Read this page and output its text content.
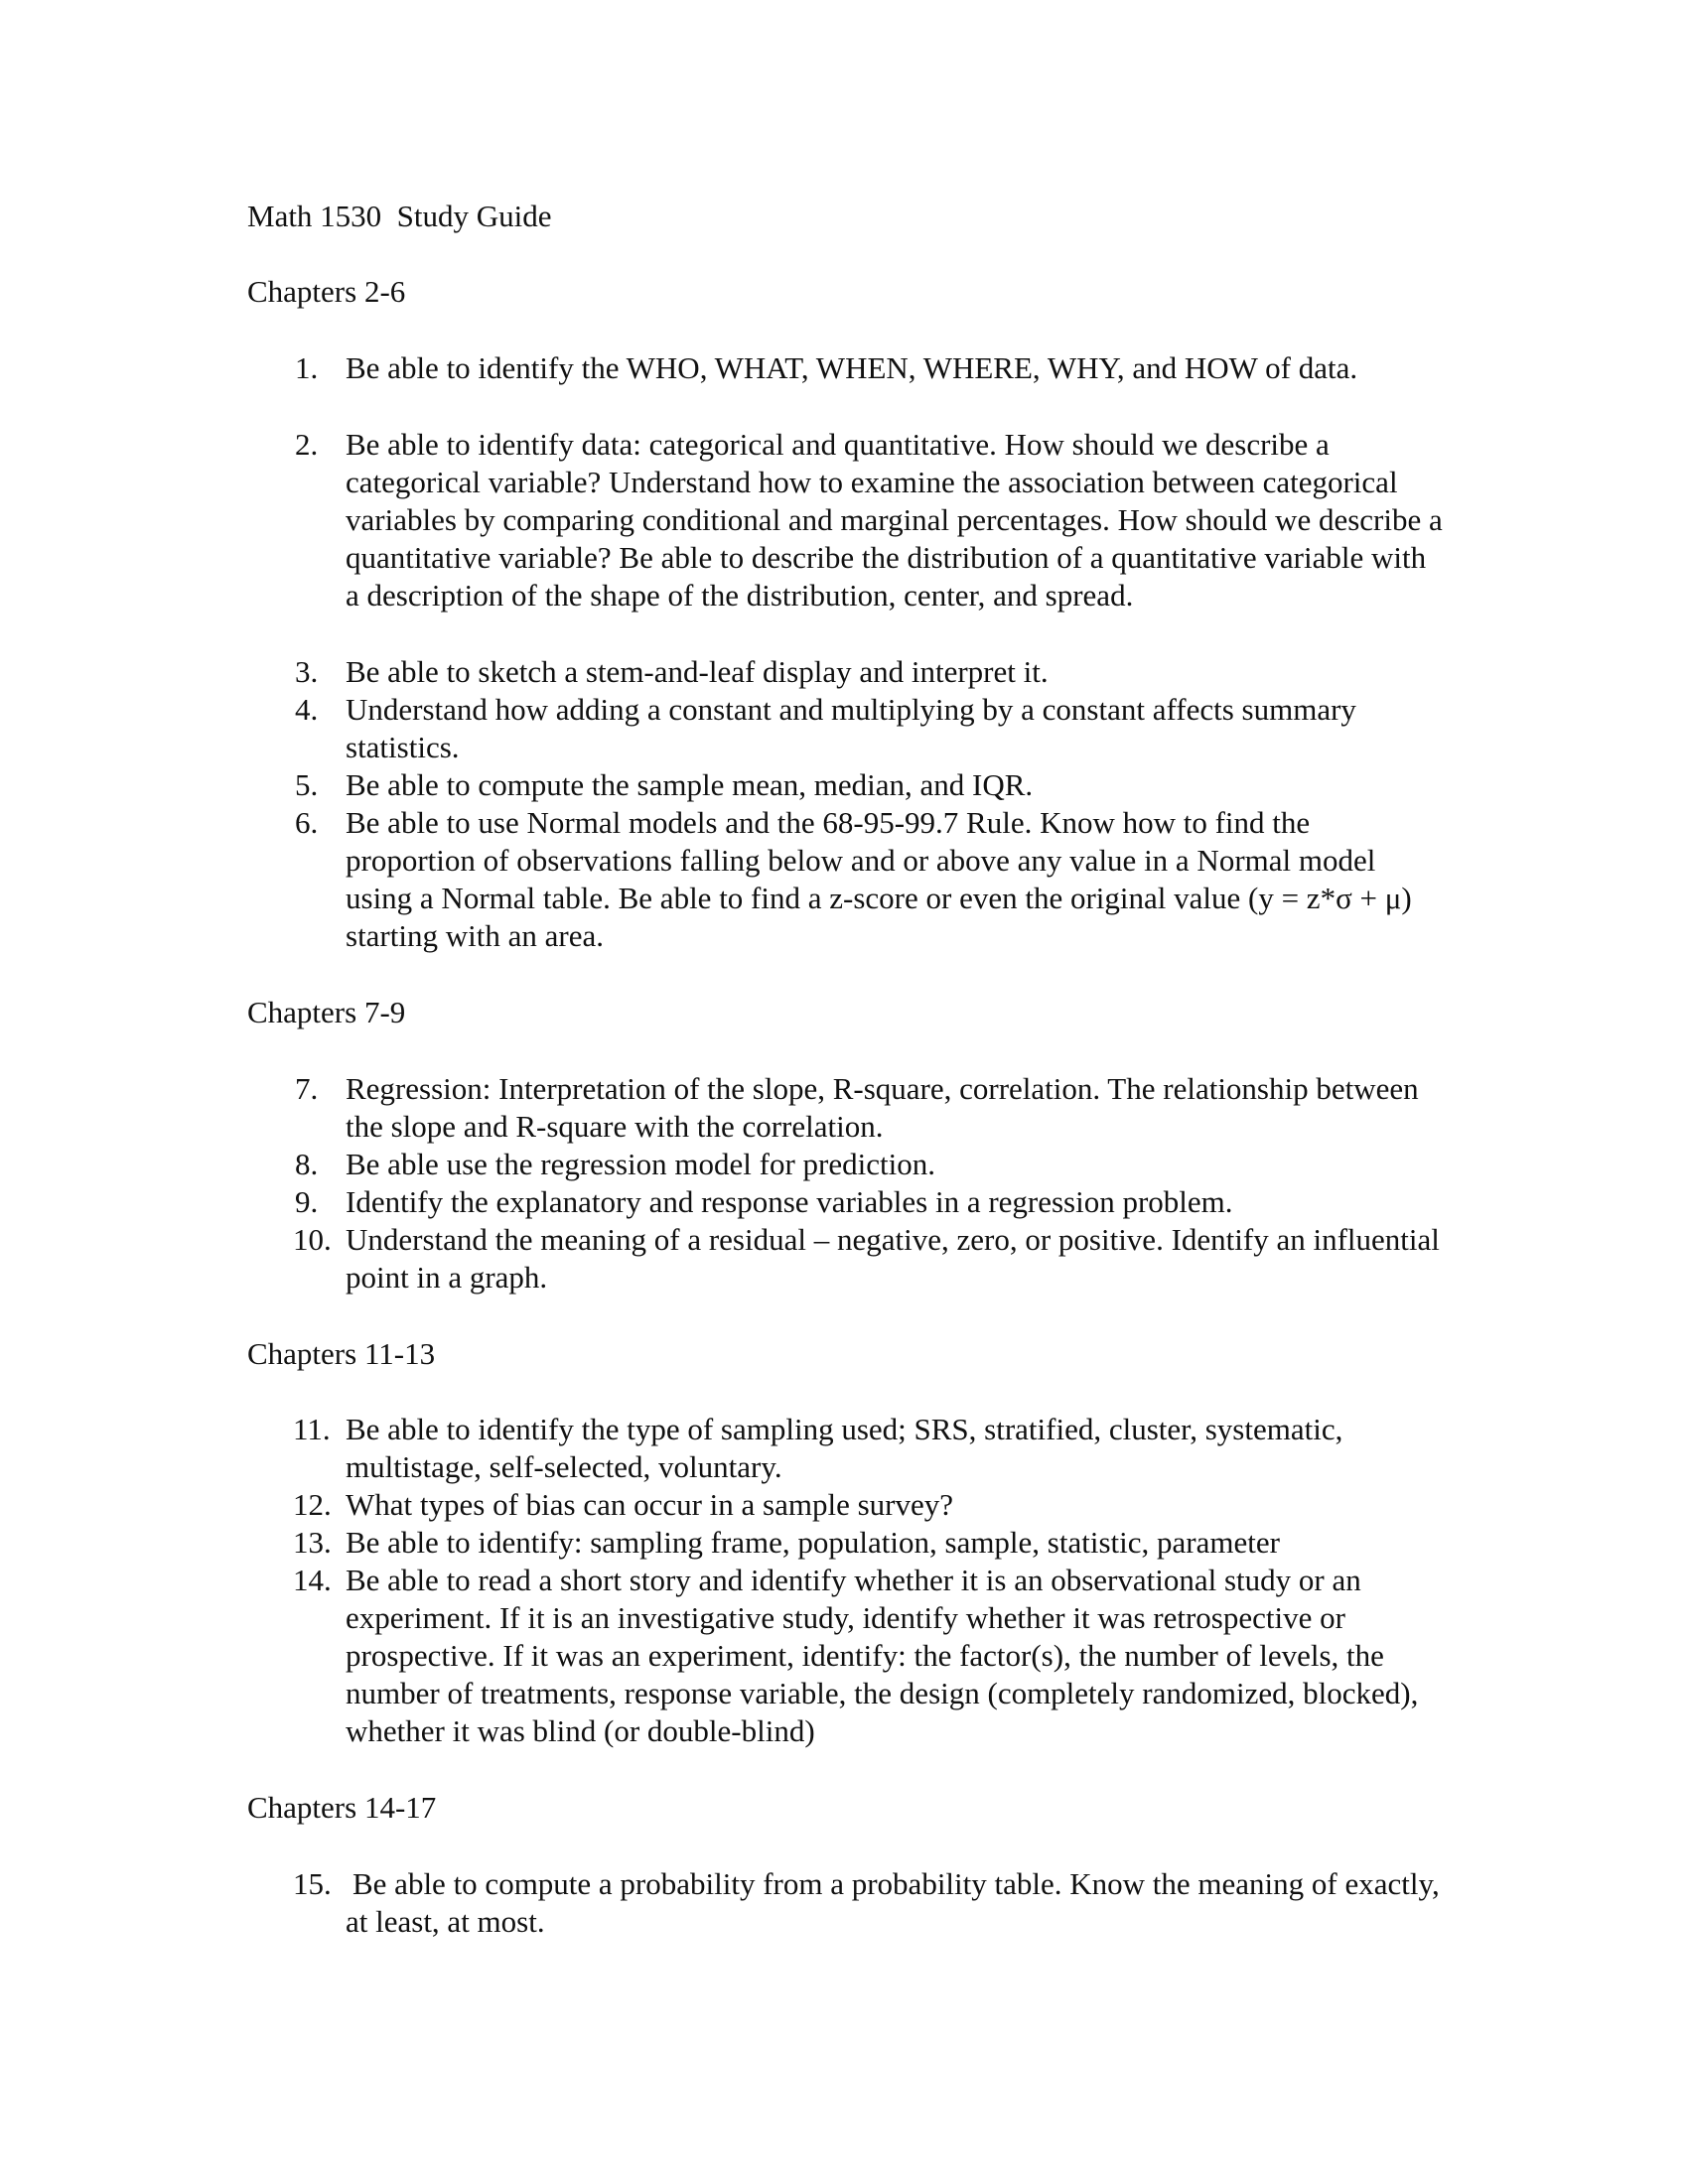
Math 1530  Study Guide
Chapters 2-6
1. Be able to identify the WHO, WHAT, WHEN, WHERE, WHY, and HOW of data.
2. Be able to identify data: categorical and quantitative. How should we describe a categorical variable? Understand how to examine the association between categorical variables by comparing conditional and marginal percentages. How should we describe a quantitative variable? Be able to describe the distribution of a quantitative variable with a description of the shape of the distribution, center, and spread.
3. Be able to sketch a stem-and-leaf display and interpret it.
4. Understand how adding a constant and multiplying by a constant affects summary statistics.
5. Be able to compute the sample mean, median, and IQR.
6. Be able to use Normal models and the 68-95-99.7 Rule. Know how to find the proportion of observations falling below and or above any value in a Normal model using a Normal table. Be able to find a z-score or even the original value (y = z*σ + μ) starting with an area.
Chapters 7-9
7. Regression: Interpretation of the slope, R-square, correlation. The relationship between the slope and R-square with the correlation.
8. Be able use the regression model for prediction.
9. Identify the explanatory and response variables in a regression problem.
10. Understand the meaning of a residual – negative, zero, or positive. Identify an influential point in a graph.
Chapters 11-13
11. Be able to identify the type of sampling used; SRS, stratified, cluster, systematic, multistage, self-selected, voluntary.
12. What types of bias can occur in a sample survey?
13. Be able to identify: sampling frame, population, sample, statistic, parameter
14. Be able to read a short story and identify whether it is an observational study or an experiment. If it is an investigative study, identify whether it was retrospective or prospective. If it was an experiment, identify: the factor(s), the number of levels, the number of treatments, response variable, the design (completely randomized, blocked), whether it was blind (or double-blind)
Chapters 14-17
15. Be able to compute a probability from a probability table. Know the meaning of exactly, at least, at most.
